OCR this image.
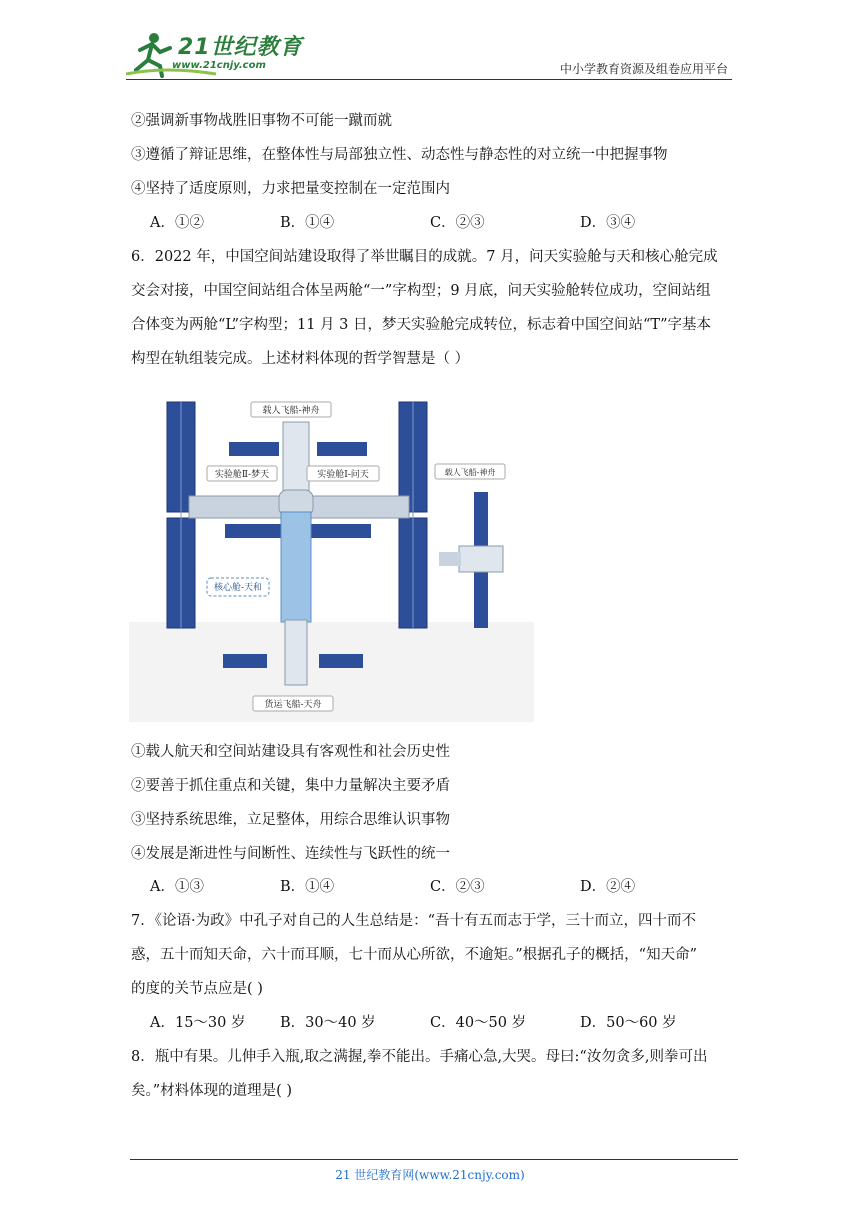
21世纪教育
www.21cnjy.com	中小学教育资源及组卷应用平台
②强调新事物战胜旧事物不可能一蹴而就
③遵循了辩证思维，在整体性与局部独立性、动态性与静态性的对立统一中把握事物
④坚持了适度原则，力求把量变控制在一定范围内
A．①②	B．①④	C．②③	D．③④
6．2022 年，中国空间站建设取得了举世瞩目的成就。7 月，问天实验舱与天和核心舱完成
交会对接，中国空间站组合体呈两舱“一”字构型；9 月底，问天实验舱转位成功，空间站组
合体变为两舱“L”字构型；11 月 3 日，梦天实验舱完成转位，标志着中国空间站“T”字基本
构型在轨组装完成。上述材料体现的哲学智慧是（ ）
载人飞船-神舟
实验舱Ⅱ-梦天	实验舱Ⅰ-问天
核心舱-天和
货运飞船-天舟
载人飞船-神舟
①载人航天和空间站建设具有客观性和社会历史性
②要善于抓住重点和关键，集中力量解决主要矛盾
③坚持系统思维，立足整体，用综合思维认识事物
④发展是渐进性与间断性、连续性与飞跃性的统一
A．①③	B．①④	C．②③	D．②④
7．《论语·为政》中孔子对自己的人生总结是：“吾十有五而志于学，三十而立，四十而不
惑，五十而知天命，六十而耳顺，七十而从心所欲，不逾矩。”根据孔子的概括，“知天命”
的度的关节点应是( )
A．15～30 岁 B．30～40 岁	C．40～50 岁	D．50～60 岁
8．瓶中有果。儿伸手入瓶,取之满握,拳不能出。手痛心急,大哭。母曰:“汝勿贪多,则拳可出
矣。”材料体现的道理是( )
21 世纪教育网(www.21cnjy.com)
